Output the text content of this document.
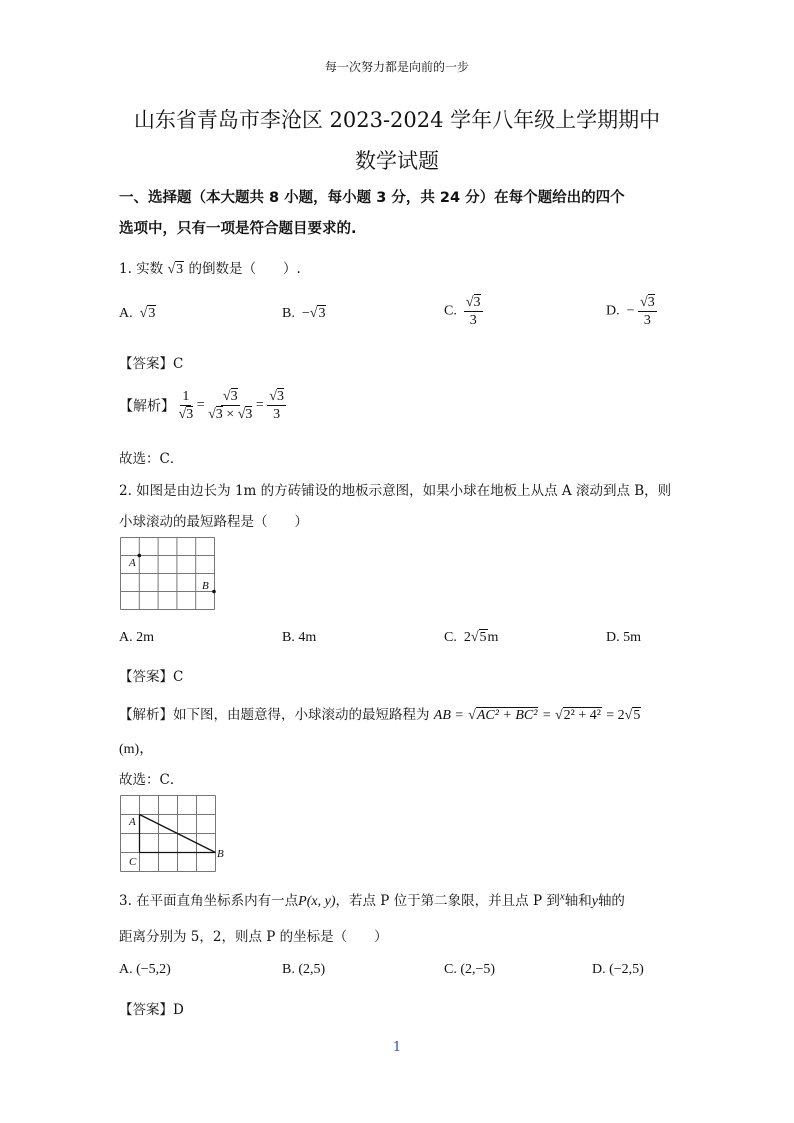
每一次努力都是向前的一步
山东省青岛市李沧区 2023-2024 学年八年级上学期期中
数学试题
一、选择题（本大题共 8 小题，每小题 3 分，共 24 分）在每个题给出的四个
选项中，只有一项是符合题目要求的.
1. 实数 √3 的倒数是（　　）.
A. √3	B. −√3	C. $\frac{√3}{3}$	D. − $\frac{√3}{3}$
【答案】C
【解析】 $\frac{1}{√3} = \frac{√3}{√3 \times √3} = \frac{√3}{3}$
故选：C．
2. 如图是由边长为 1m 的方砖铺设的地板示意图，如果小球在地板上从点 A 滚动到点 B，则
小球滚动的最短路程是（　　）
A
B
A. 2m	B. 4m	C. 2√5m	D. 5m
【答案】C
【解析】如下图，由题意得，小球滚动的最短路程为 AB = √AC² + BC² = √2² + 4² = 2√5
(m)，
故选：C．
A
C
B
3. 在平面直角坐标系内有一点P(x, y)，若点 P 位于第二象限，并且点 P 到$^x$轴和y轴的
距离分别为 5，2，则点 P 的坐标是（　　）
A. (−5,2)	B. (2,5)	C. (2,−5)	D. (−2,5)
【答案】D
1
